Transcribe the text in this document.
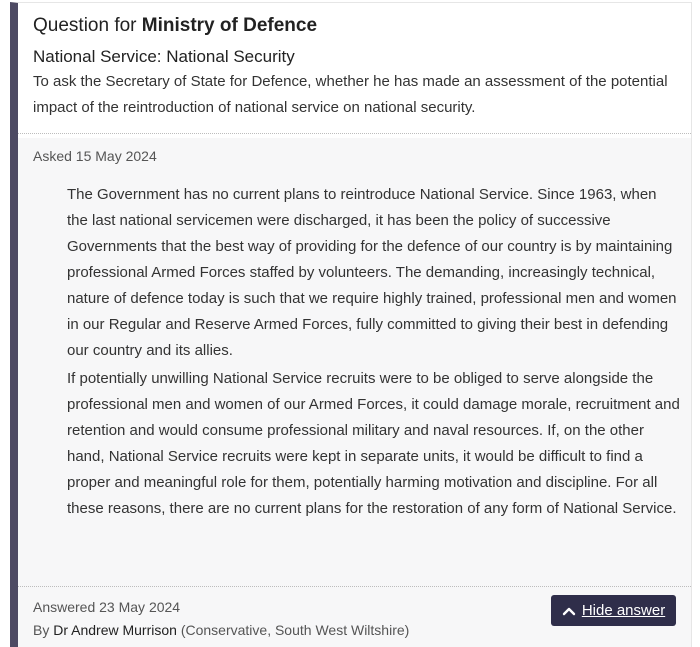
Question for Ministry of Defence
National Service: National Security
To ask the Secretary of State for Defence, whether he has made an assessment of the potential impact of the reintroduction of national service on national security.
Asked 15 May 2024

The Government has no current plans to reintroduce National Service. Since 1963, when the last national servicemen were discharged, it has been the policy of successive Governments that the best way of providing for the defence of our country is by maintaining professional Armed Forces staffed by volunteers. The demanding, increasingly technical, nature of defence today is such that we require highly trained, professional men and women in our Regular and Reserve Armed Forces, fully committed to giving their best in defending our country and its allies.

If potentially unwilling National Service recruits were to be obliged to serve alongside the professional men and women of our Armed Forces, it could damage morale, recruitment and retention and would consume professional military and naval resources. If, on the other hand, National Service recruits were kept in separate units, it would be difficult to find a proper and meaningful role for them, potentially harming motivation and discipline. For all these reasons, there are no current plans for the restoration of any form of National Service.

Answered 23 May 2024
By Dr Andrew Murrison (Conservative, South West Wiltshire)
Hide answer
